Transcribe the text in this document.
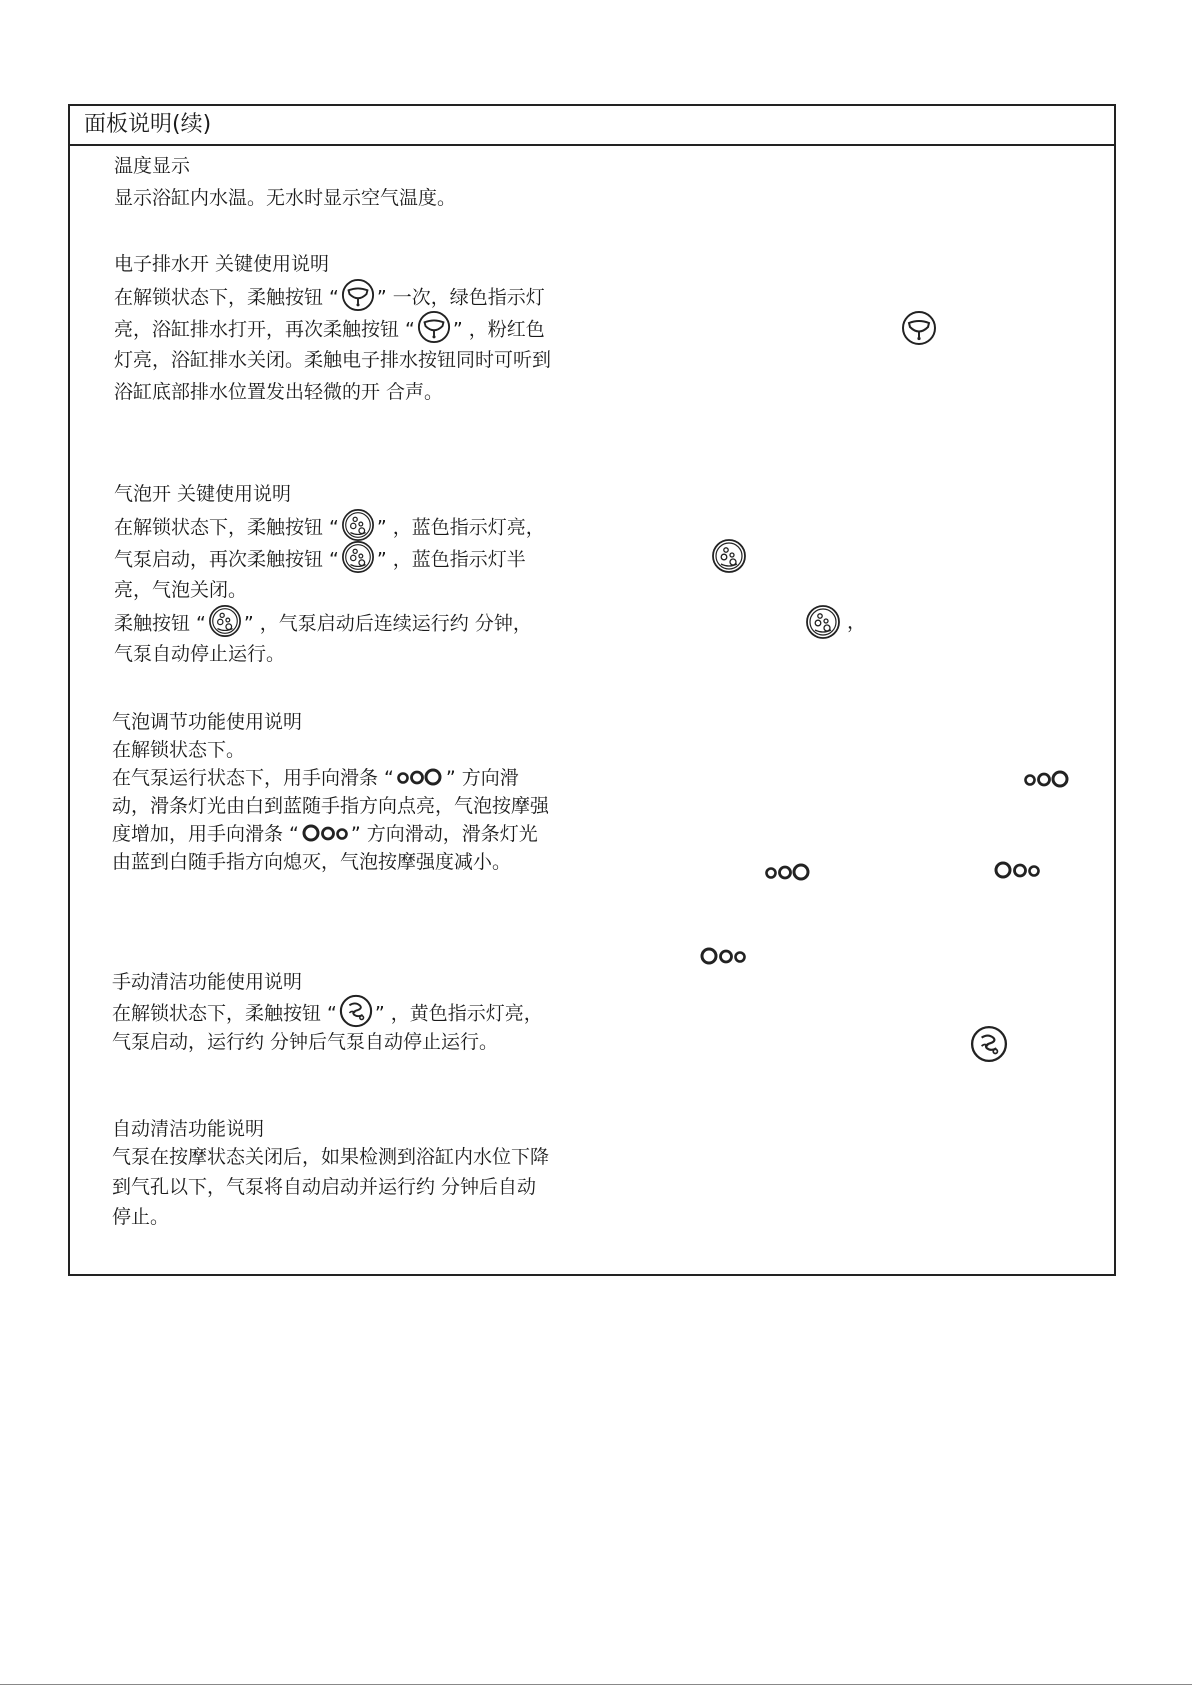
面板说明(续)
温度显示
显示浴缸内水温。无水时显示空气温度。
电子排水开 关键使用说明
在解锁状态下，柔触按钮 “ ” 一次，绿色指示灯
亮，浴缸排水打开，再次柔触按钮 “ ” ，粉红色
灯亮，浴缸排水关闭。柔触电子排水按钮同时可听到
浴缸底部排水位置发出轻微的开 合声。
气泡开 关键使用说明
在解锁状态下，柔触按钮 “ ” ，蓝色指示灯亮，
气泵启动，再次柔触按钮 “ ” ，蓝色指示灯半
亮，气泡关闭。
柔触按钮 “ ” ，气泵启动后连续运行约 分钟，
气泵自动停止运行。
，
气泡调节功能使用说明
在解锁状态下。
在气泵运行状态下，用手向滑条 “	” 方向滑
动，滑条灯光由白到蓝随手指方向点亮，气泡按摩强
度增加，用手向滑条 “	” 方向滑动，滑条灯光
由蓝到白随手指方向熄灭，气泡按摩强度减小。
手动清洁功能使用说明
在解锁状态下，柔触按钮 “ ” ，黄色指示灯亮，
气泵启动，运行约 分钟后气泵自动停止运行。
自动清洁功能说明
气泵在按摩状态关闭后，如果检测到浴缸内水位下降
到气孔以下，气泵将自动启动并运行约 分钟后自动
停止。
